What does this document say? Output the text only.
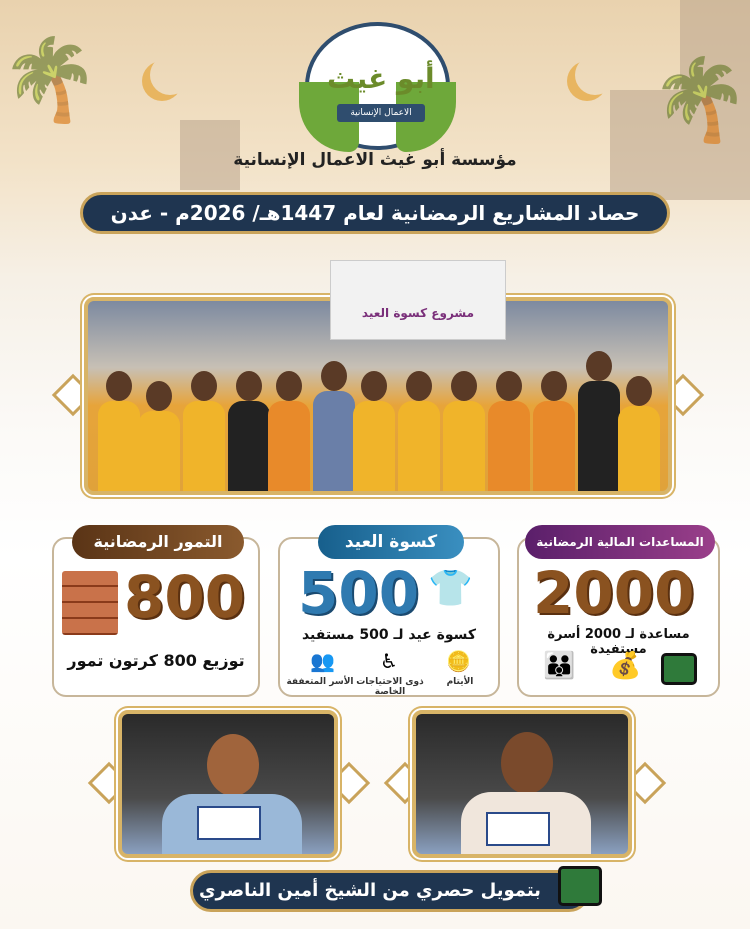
🌴	🌴
أبو غيث
الاعمال الإنسانية
مؤسسة أبو غيث الاعمال الإنسانية
حصاد المشاريع الرمضانية لعام 1447هـ/ 2026م - عدن
مشروع كسوة العيد
المساعدات المالية الرمضانية
2000
مساعدة لـ 2000 أسرة مستفيدة
👪 💰
كسوة العيد
500 👕
كسوة عيد لـ 500 مستفيد
الأيتام
ذوى الاحتياجات الخاصة
الأسر المتعففة
🪙
♿
👥
التمور الرمضانية
800
توزيع 800 كرتون تمور
بتمويل حصري من الشيخ أمين الناصري
